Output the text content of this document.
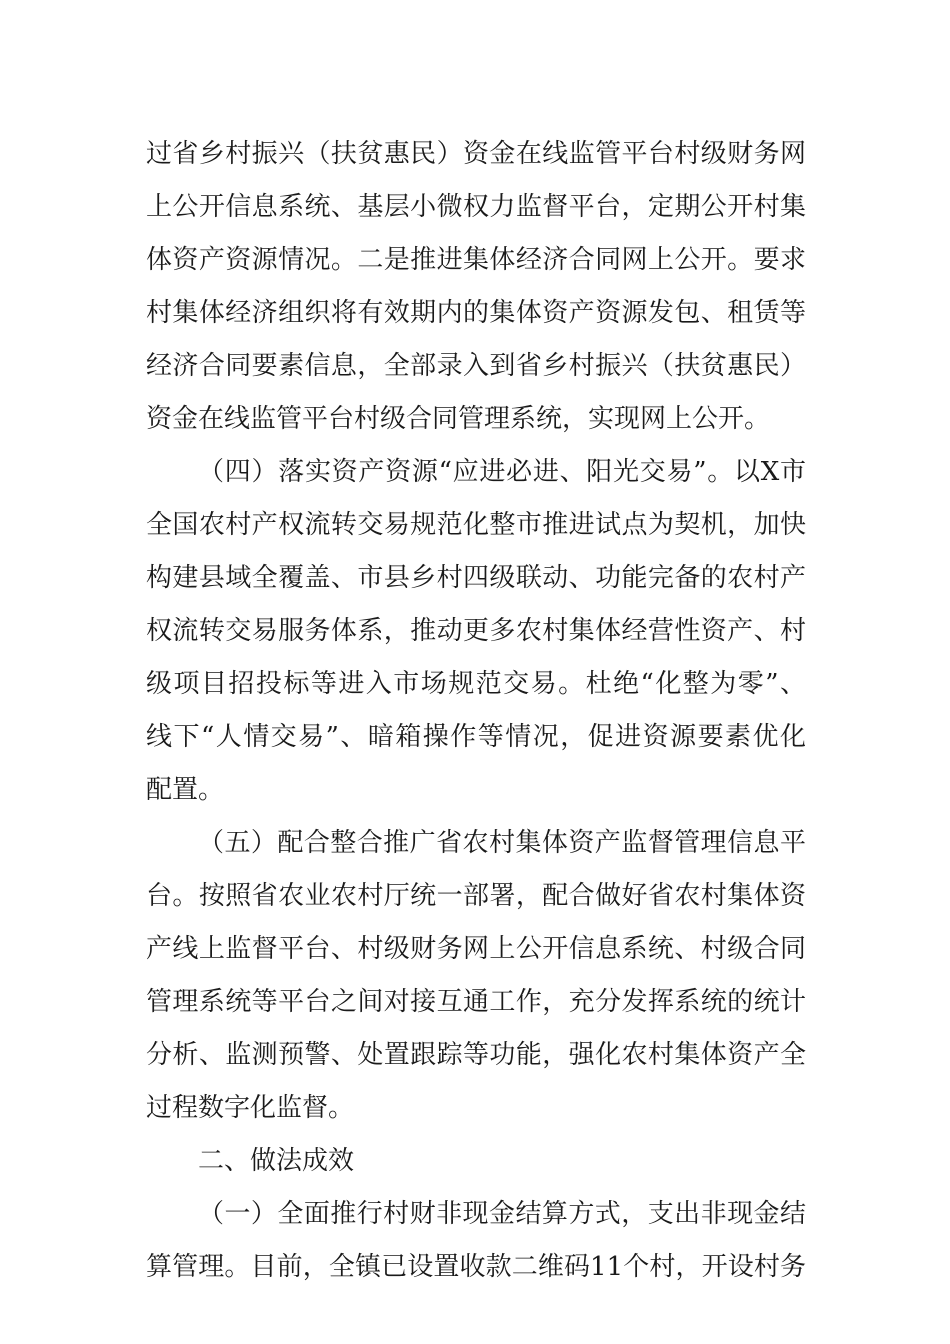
过省乡村振兴（扶贫惠民）资金在线监管平台村级财务网
上公开信息系统、基层小微权力监督平台，定期公开村集
体资产资源情况。二是推进集体经济合同网上公开。要求
村集体经济组织将有效期内的集体资产资源发包、租赁等
经济合同要素信息，全部录入到省乡村振兴（扶贫惠民）
资金在线监管平台村级合同管理系统，实现网上公开。
（四）落实资产资源“应进必进、阳光交易”。以X市
全国农村产权流转交易规范化整市推进试点为契机，加快
构建县域全覆盖、市县乡村四级联动、功能完备的农村产
权流转交易服务体系，推动更多农村集体经营性资产、村
级项目招投标等进入市场规范交易。杜绝“化整为零”、
线下“人情交易”、暗箱操作等情况，促进资源要素优化
配置。
（五）配合整合推广省农村集体资产监督管理信息平
台。按照省农业农村厅统一部署，配合做好省农村集体资
产线上监督平台、村级财务网上公开信息系统、村级合同
管理系统等平台之间对接互通工作，充分发挥系统的统计
分析、监测预警、处置跟踪等功能，强化农村集体资产全
过程数字化监督。
二、做法成效
（一）全面推行村财非现金结算方式，支出非现金结
算管理。目前，全镇已设置收款二维码11个村，开设村务
